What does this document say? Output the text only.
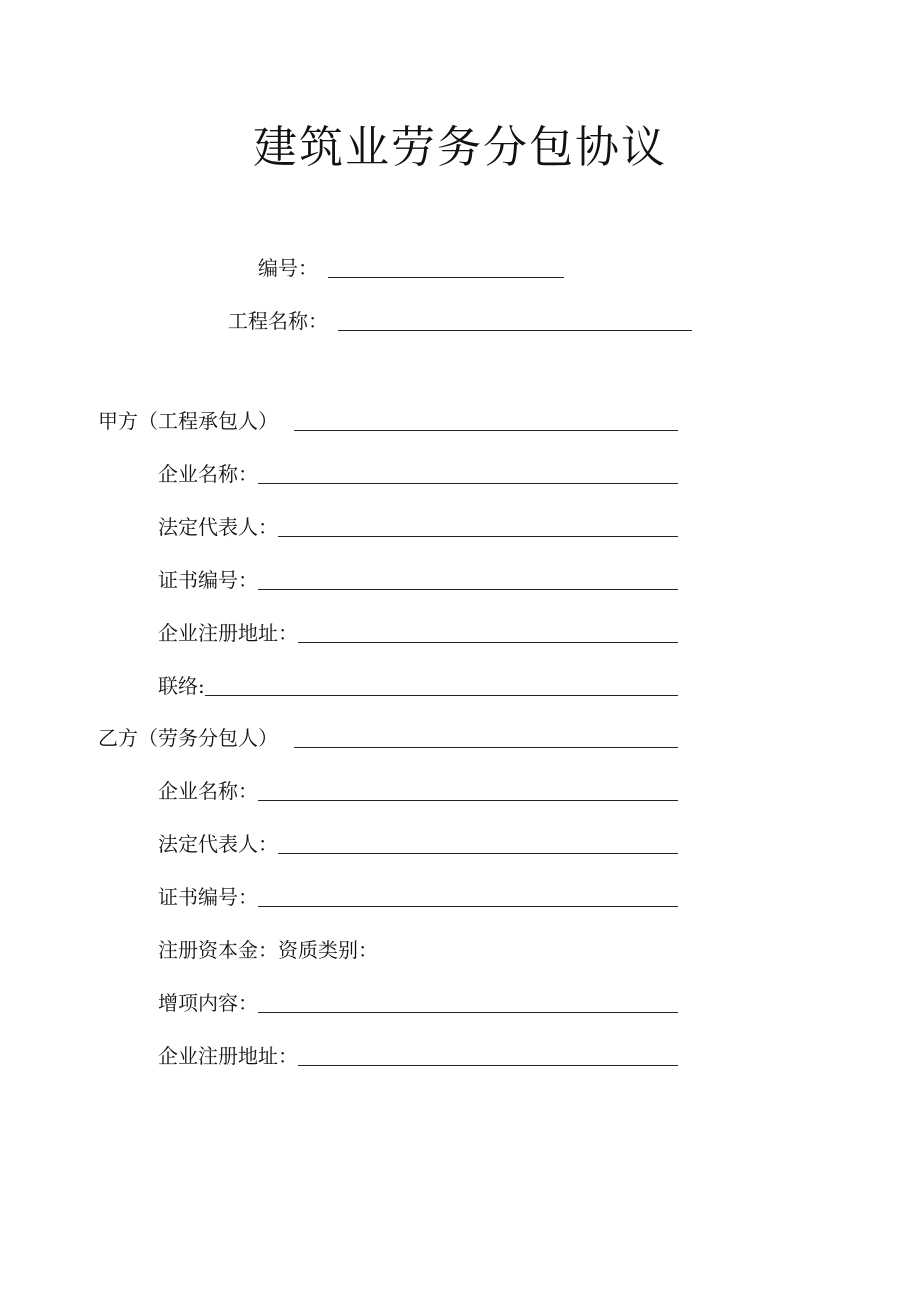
建筑业劳务分包协议
编号：
工程名称：
甲方（工程承包人）
企业名称：
法定代表人：
证书编号：
企业注册地址：
联络:
乙方（劳务分包人）
企业名称：
法定代表人：
证书编号：
注册资本金：资质类别：
增项内容：
企业注册地址：
